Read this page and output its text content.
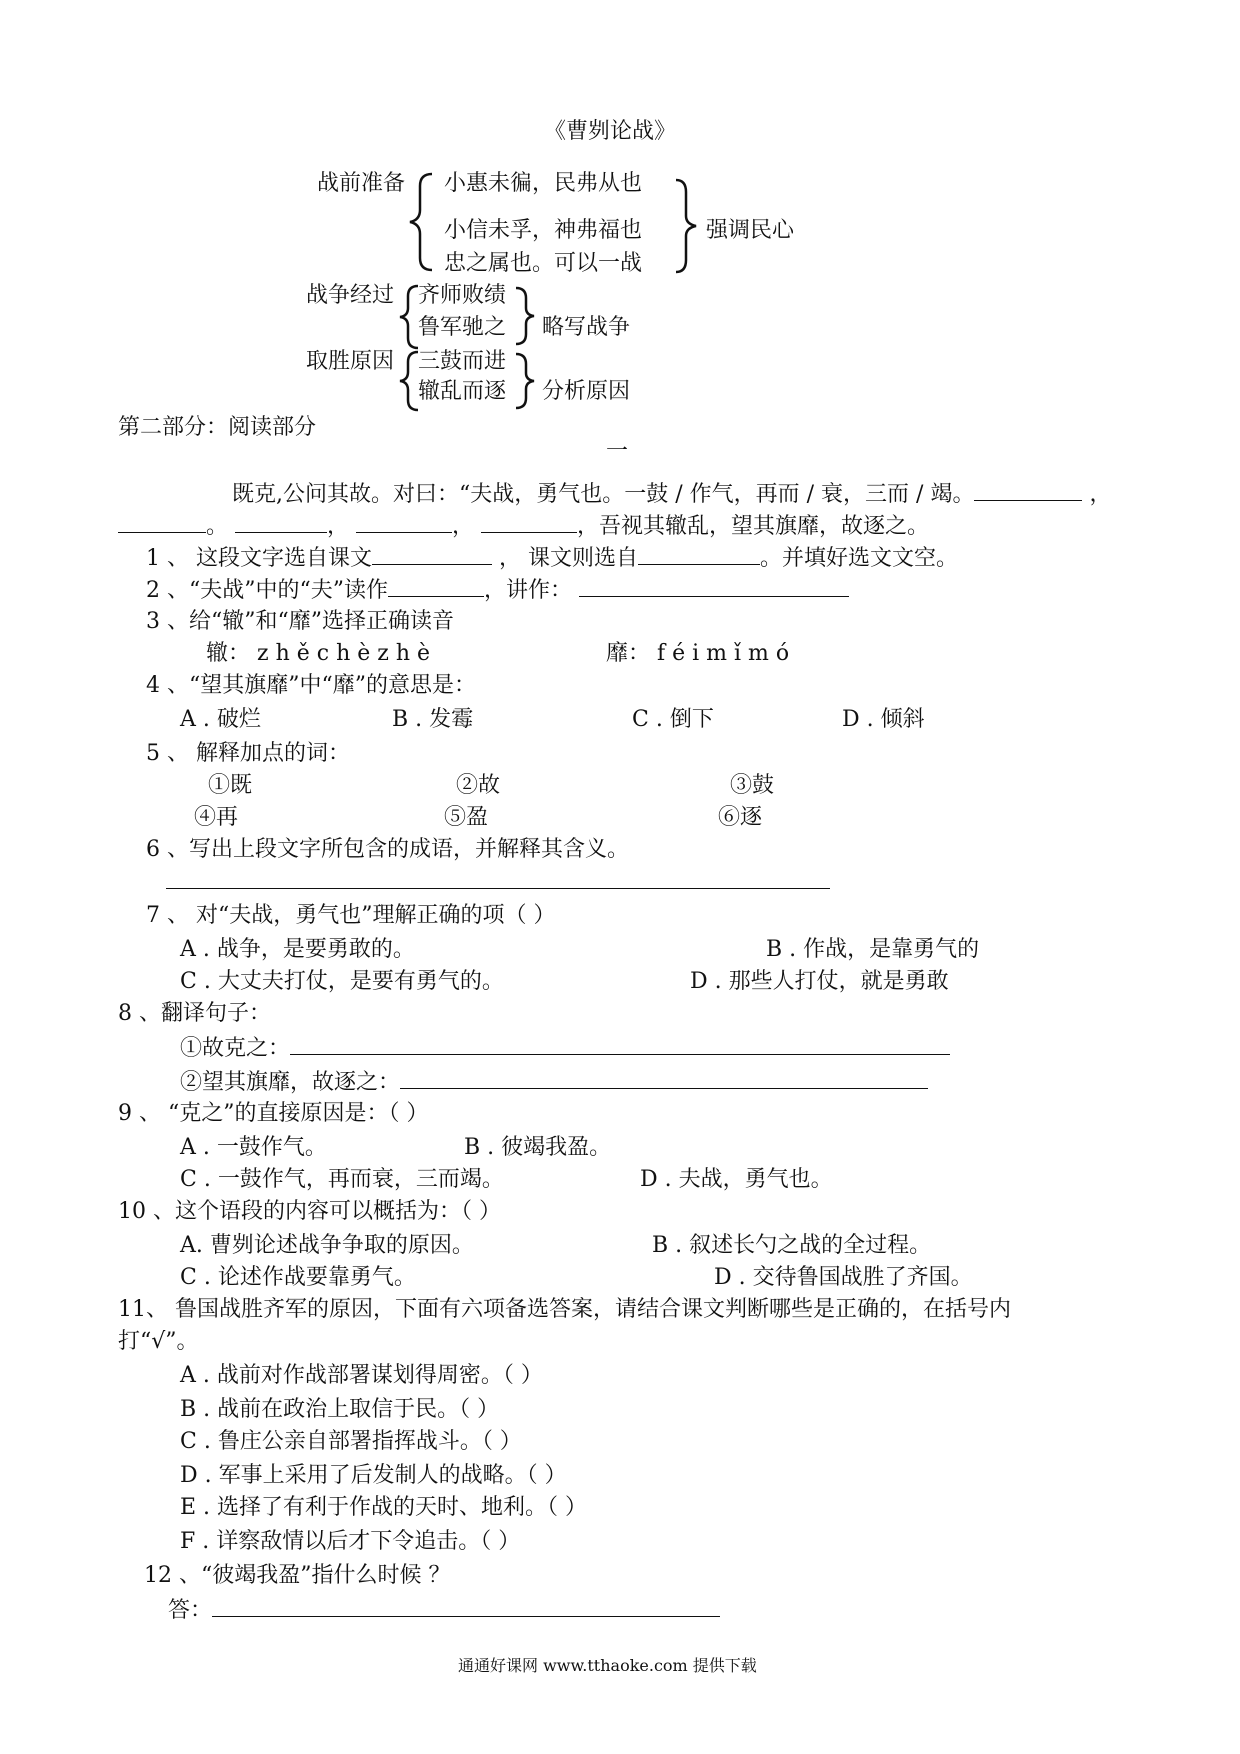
《曹刿论战》
战前准备 小惠未徧，民弗从也
小信未孚，神弗福也
忠之属也。可以一战
强调民心
战争经过 齐师败绩
鲁军驰之 略写战争
取胜原因 三鼓而进
辙乱而逐 分析原因
第二部分：阅读部分
一
既克,公问其故。对曰：“夫战，勇气也。一鼓 / 作气，再而 / 衰，三而 / 竭。	，
。	，	，	，吾视其辙乱，望其旗靡，故逐之。
1 、 这段文字选自课文	， 课文则选自	。并填好选文文空。
2 、“夫战”中的“夫”读作	，讲作：
3 、给“辙”和“靡”选择正确读音
辙： z h ě c h è z h è	靡： f é i m ǐ m ó
4 、“望其旗靡”中“靡”的意思是：
A . 破烂	B . 发霉	C . 倒下	D . 倾斜
5 、 解释加点的词：
①既	②故	③鼓
④再	⑤盈	⑥逐
6 、写出上段文字所包含的成语，并解释其含义。
7 、 对“夫战，勇气也”理解正确的项（ ）
A . 战争，是要勇敢的。	B . 作战，是靠勇气的
C . 大丈夫打仗，是要有勇气的。	D . 那些人打仗，就是勇敢
8 、翻译句子：
①故克之：
②望其旗靡，故逐之：
9 、 “克之”的直接原因是：（ ）
A . 一鼓作气。	B . 彼竭我盈。
C . 一鼓作气，再而衰，三而竭。	D . 夫战，勇气也。
10 、这个语段的内容可以概括为：（ ）
A. 曹刿论述战争争取的原因。	B . 叙述长勺之战的全过程。
C . 论述作战要靠勇气。	D . 交待鲁国战胜了齐国。
11、 鲁国战胜齐军的原因，下面有六项备选答案，请结合课文判断哪些是正确的，在括号内
打“√”。
A . 战前对作战部署谋划得周密。（ ）
B . 战前在政治上取信于民。（ ）
C . 鲁庄公亲自部署指挥战斗。（ ）
D . 军事上采用了后发制人的战略。（ ）
E . 选择了有利于作战的天时、地利。（ ）
F . 详察敌情以后才下令追击。（ ）
12 、“彼竭我盈”指什么时候 ？
答：
通通好课网 www.tthaoke.com 提供下载
